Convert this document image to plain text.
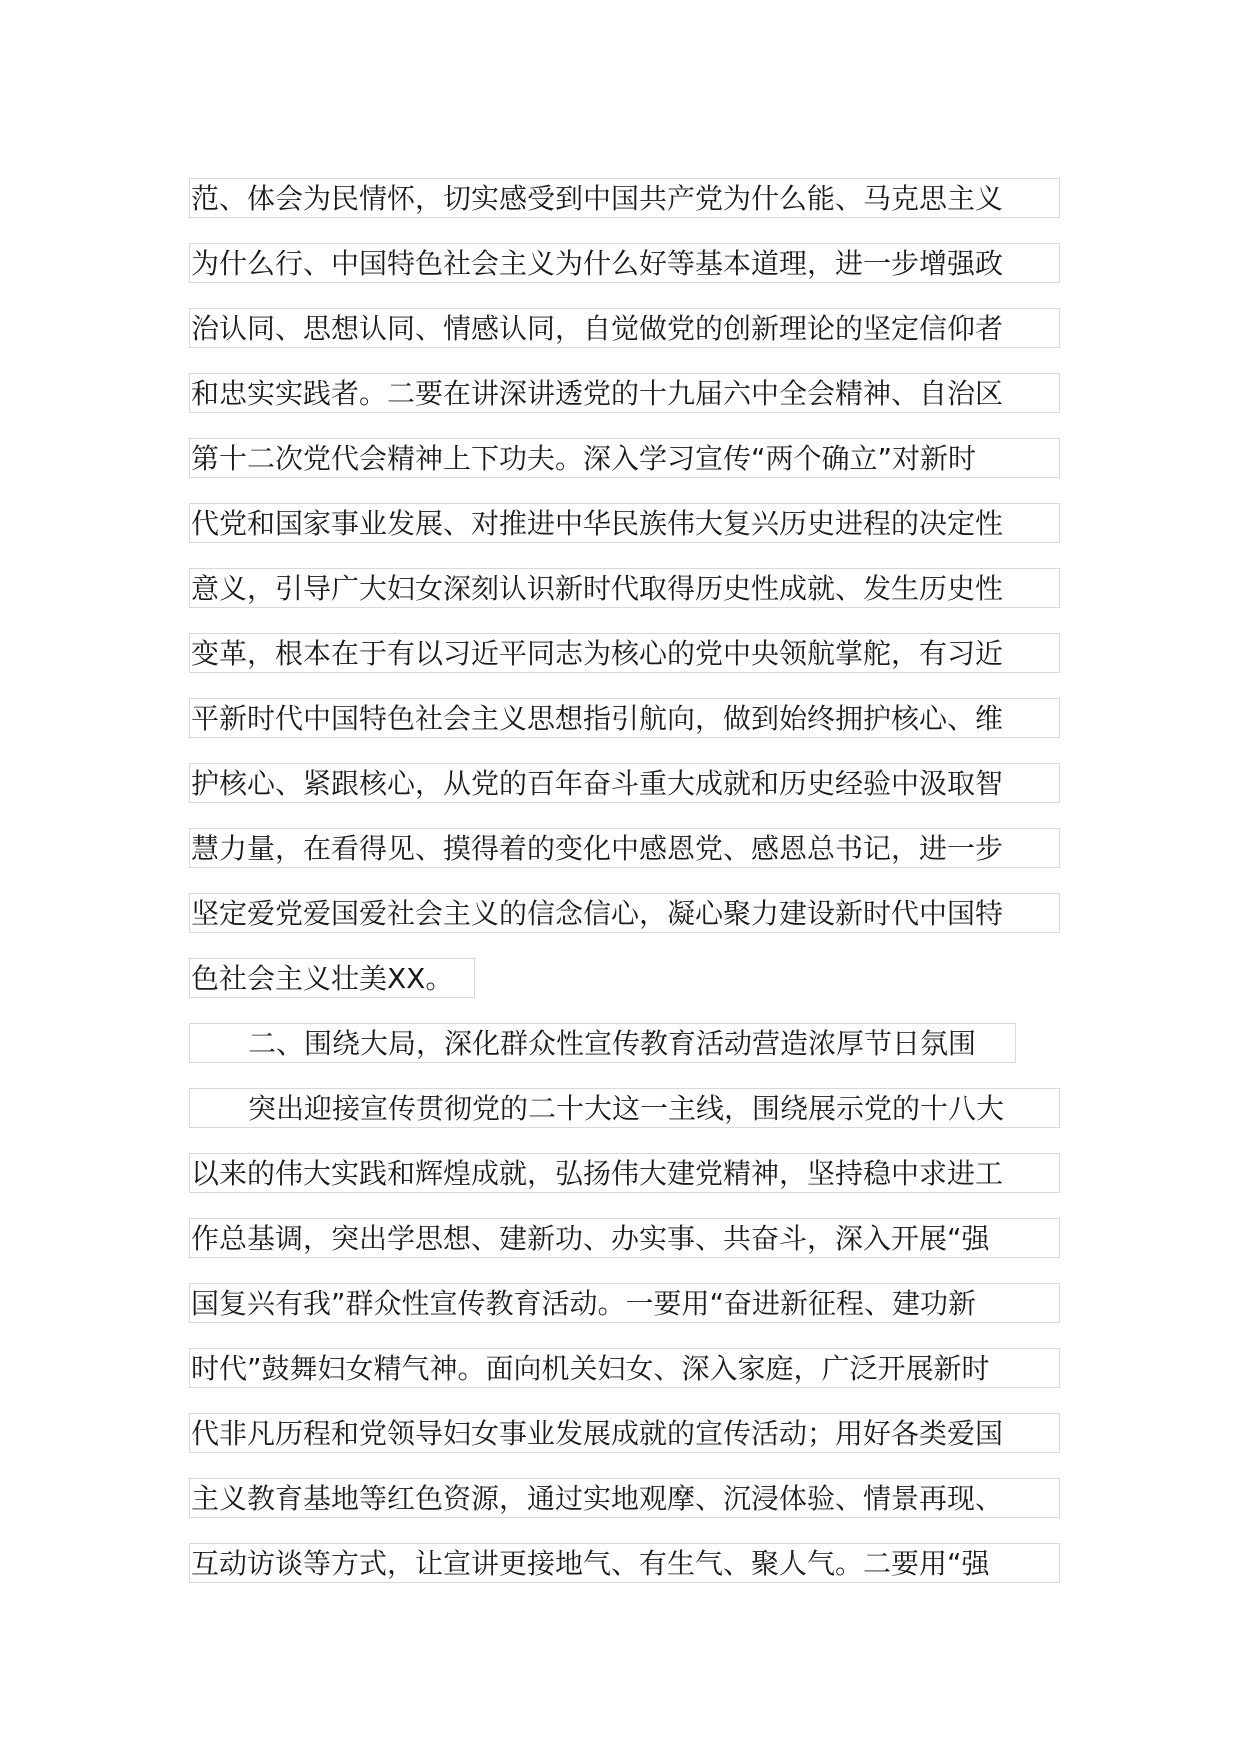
范、体会为民情怀，切实感受到中国共产党为什么能、马克思主义
为什么行、中国特色社会主义为什么好等基本道理，进一步增强政
治认同、思想认同、情感认同，自觉做党的创新理论的坚定信仰者
和忠实实践者。二要在讲深讲透党的十九届六中全会精神、自治区
第十二次党代会精神上下功夫。深入学习宣传“两个确立”对新时
代党和国家事业发展、对推进中华民族伟大复兴历史进程的决定性
意义，引导广大妇女深刻认识新时代取得历史性成就、发生历史性
变革，根本在于有以习近平同志为核心的党中央领航掌舵，有习近
平新时代中国特色社会主义思想指引航向，做到始终拥护核心、维
护核心、紧跟核心，从党的百年奋斗重大成就和历史经验中汲取智
慧力量，在看得见、摸得着的变化中感恩党、感恩总书记，进一步
坚定爱党爱国爱社会主义的信念信心，凝心聚力建设新时代中国特
色社会主义壮美XX。
二、围绕大局，深化群众性宣传教育活动营造浓厚节日氛围
突出迎接宣传贯彻党的二十大这一主线，围绕展示党的十八大
以来的伟大实践和辉煌成就，弘扬伟大建党精神，坚持稳中求进工
作总基调，突出学思想、建新功、办实事、共奋斗，深入开展“强
国复兴有我”群众性宣传教育活动。一要用“奋进新征程、建功新
时代”鼓舞妇女精气神。面向机关妇女、深入家庭，广泛开展新时
代非凡历程和党领导妇女事业发展成就的宣传活动；用好各类爱国
主义教育基地等红色资源，通过实地观摩、沉浸体验、情景再现、
互动访谈等方式，让宣讲更接地气、有生气、聚人气。二要用“强
